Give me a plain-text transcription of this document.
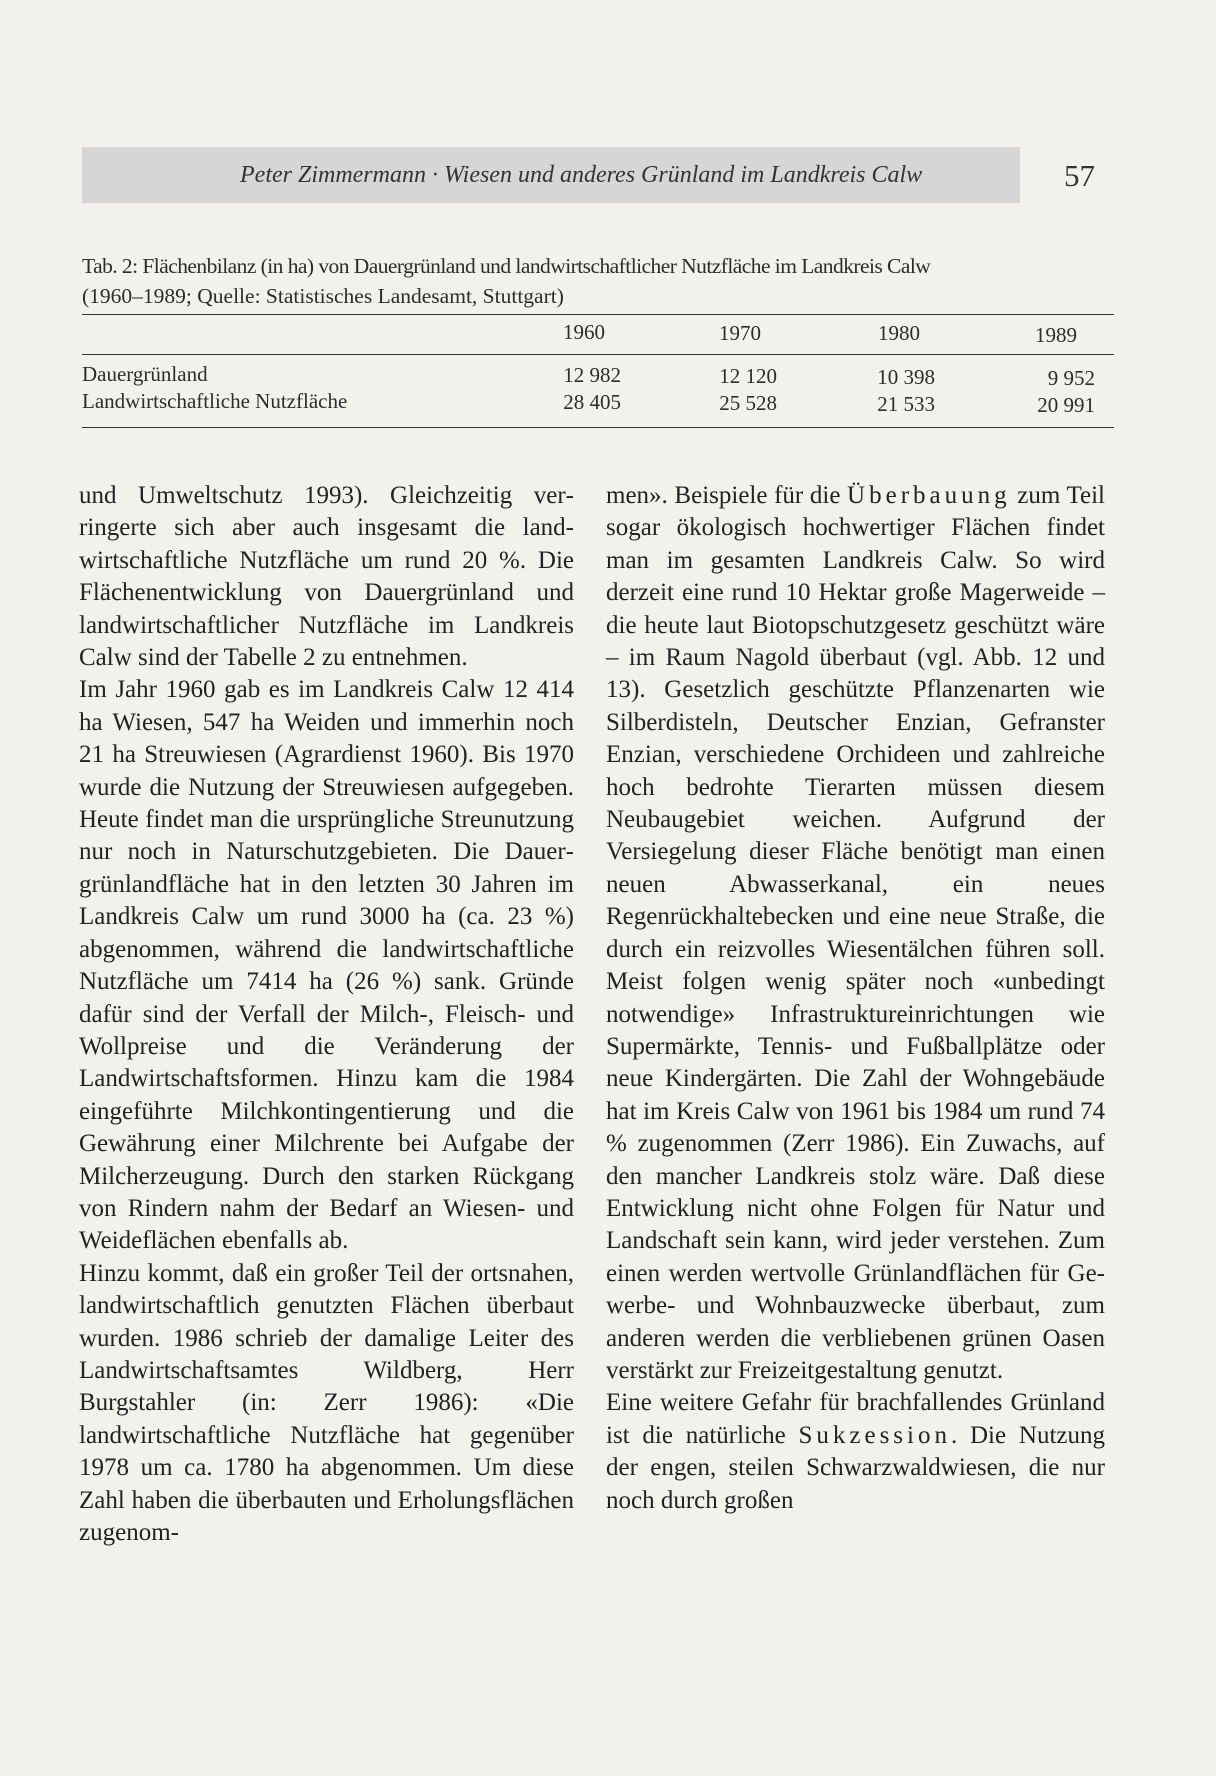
Peter Zimmermann · Wiesen und anderes Grünland im Landkreis Calw	57
Tab. 2: Flächenbilanz (in ha) von Dauergrünland und landwirtschaftlicher Nutzfläche im Landkreis Calw
(1960–1989; Quelle: Statistisches Landesamt, Stuttgart)
1960	1970	1980	1989
Dauergrünland	12 982	12 120	10 398	9 952
Landwirtschaftliche Nutzfläche	28 405	25 528	21 533	20 991

und Umweltschutz 1993). Gleichzeitig verringerte sich aber auch insgesamt die landwirtschaftliche Nutzfläche um rund 20 %. Die Flächenentwicklung von Dauergrünland und landwirtschaftlicher Nutzfläche im Landkreis Calw sind der Tabelle 2 zu entnehmen.

Im Jahr 1960 gab es im Landkreis Calw 12 414 ha Wiesen, 547 ha Weiden und immerhin noch 21 ha Streuwiesen (Agrardienst 1960). Bis 1970 wurde die Nutzung der Streuwiesen aufgegeben. Heute findet man die ursprüngliche Streunutzung nur noch in Naturschutzgebieten. Die Dauergrünlandfläche hat in den letzten 30 Jahren im Landkreis Calw um rund 3000 ha (ca. 23 %) abgenommen, während die landwirtschaftliche Nutzfläche um 7414 ha (26 %) sank. Gründe dafür sind der Verfall der Milch-, Fleisch- und Wollpreise und die Veränderung der Landwirtschaftsformen. Hinzu kam die 1984 eingeführte Milchkontingentierung und die Gewährung einer Milchrente bei Aufgabe der Milcherzeugung. Durch den starken Rückgang von Rindern nahm der Bedarf an Wiesen- und Weideflächen ebenfalls ab.

Hinzu kommt, daß ein großer Teil der ortsnahen, landwirtschaftlich genutzten Flächen überbaut wurden. 1986 schrieb der damalige Leiter des Landwirtschaftsamtes Wildberg, Herr Burgstahler (in: Zerr 1986): «Die landwirtschaftliche Nutzfläche hat gegenüber 1978 um ca. 1780 ha abgenommen. Um diese Zahl haben die überbauten und Erholungsflächen zugenom-

men». Beispiele für die Überbauung zum Teil sogar ökologisch hochwertiger Flächen findet man im gesamten Landkreis Calw. So wird derzeit eine rund 10 Hektar große Magerweide – die heute laut Biotopschutzgesetz geschützt wäre – im Raum Nagold überbaut (vgl. Abb. 12 und 13). Gesetzlich geschützte Pflanzenarten wie Silberdisteln, Deutscher Enzian, Gefranster Enzian, verschiedene Orchideen und zahlreiche hoch bedrohte Tierarten müssen diesem Neubaugebiet weichen. Aufgrund der Versiegelung dieser Fläche benötigt man einen neuen Abwasserkanal, ein neues Regenrückhaltebecken und eine neue Straße, die durch ein reizvolles Wiesentälchen führen soll. Meist folgen wenig später noch «unbedingt notwendige» Infrastruktureinrichtungen wie Supermärkte, Tennis- und Fußballplätze oder neue Kindergärten. Die Zahl der Wohngebäude hat im Kreis Calw von 1961 bis 1984 um rund 74 % zugenommen (Zerr 1986). Ein Zuwachs, auf den mancher Landkreis stolz wäre. Daß diese Entwicklung nicht ohne Folgen für Natur und Landschaft sein kann, wird jeder verstehen. Zum einen werden wertvolle Grünlandflächen für Gewerbe- und Wohnbauzwecke überbaut, zum anderen werden die verbliebenen grünen Oasen verstärkt zur Freizeitgestaltung genutzt.

Eine weitere Gefahr für brachfallendes Grünland ist die natürliche Sukzession. Die Nutzung der engen, steilen Schwarzwaldwiesen, die nur noch durch großen
